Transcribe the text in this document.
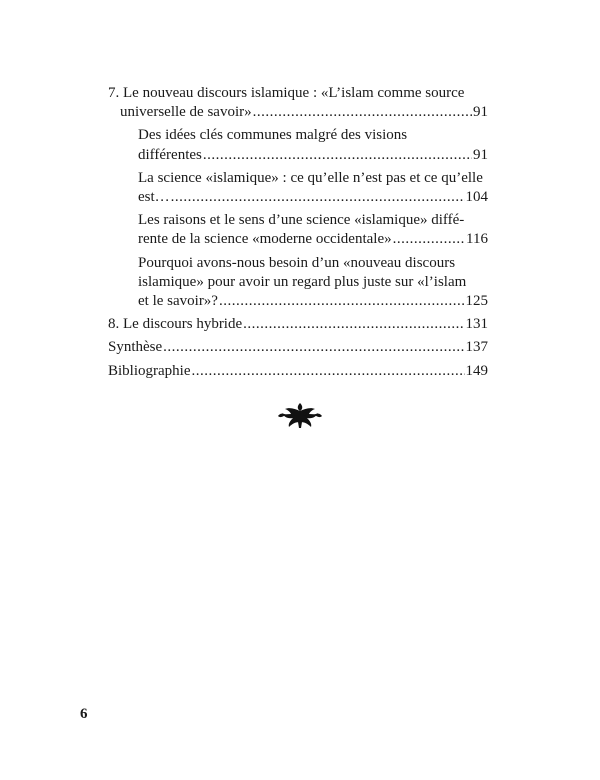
7. Le nouveau discours islamique : «L’islam comme source
universelle de savoir» .....	91
Des idées clés communes malgré des visions
différentes .....	91
La science «islamique» : ce qu’elle n’est pas et ce qu’elle
est… .....	104
Les raisons et le sens d’une science «islamique» diffé-
rente de la science «moderne occidentale» .....	116
Pourquoi avons-nous besoin d’un «nouveau discours
islamique» pour avoir un regard plus juste sur «l’islam
et le savoir»? .....	125
8. Le discours hybride .....	131
Synthèse .....	137
Bibliographie .....	149
6
